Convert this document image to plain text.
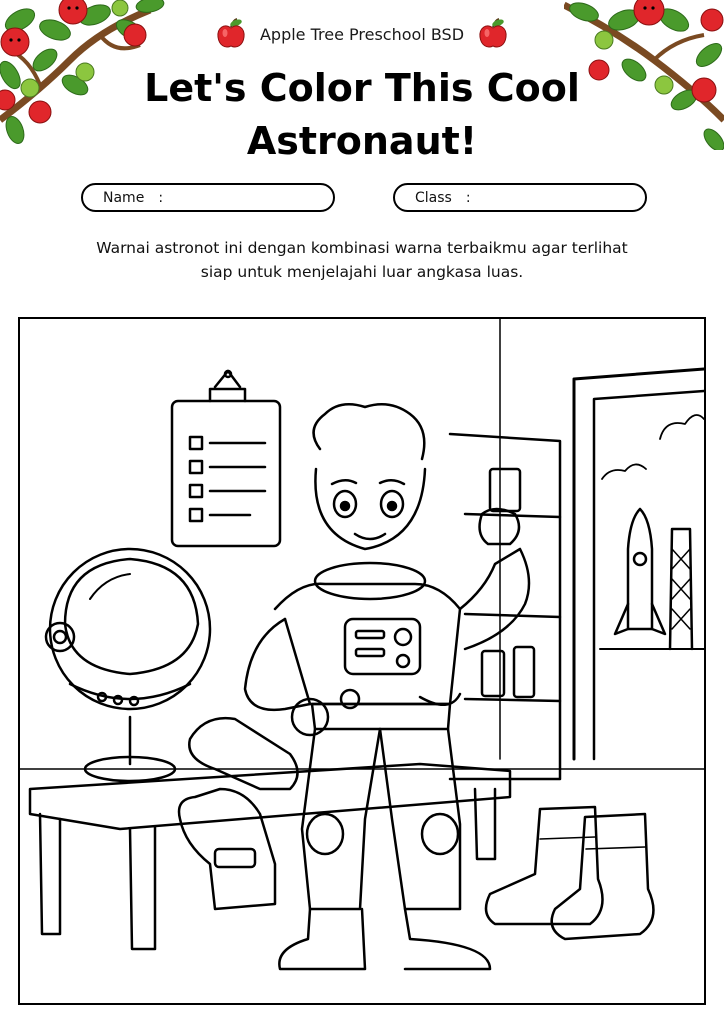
Apple Tree Preschool BSD
Let's Color This Cool
Astronaut!
Name :	Class :
Warnai astronot ini dengan kombinasi warna terbaikmu agar terlihat
siap untuk menjelajahi luar angkasa luas.
